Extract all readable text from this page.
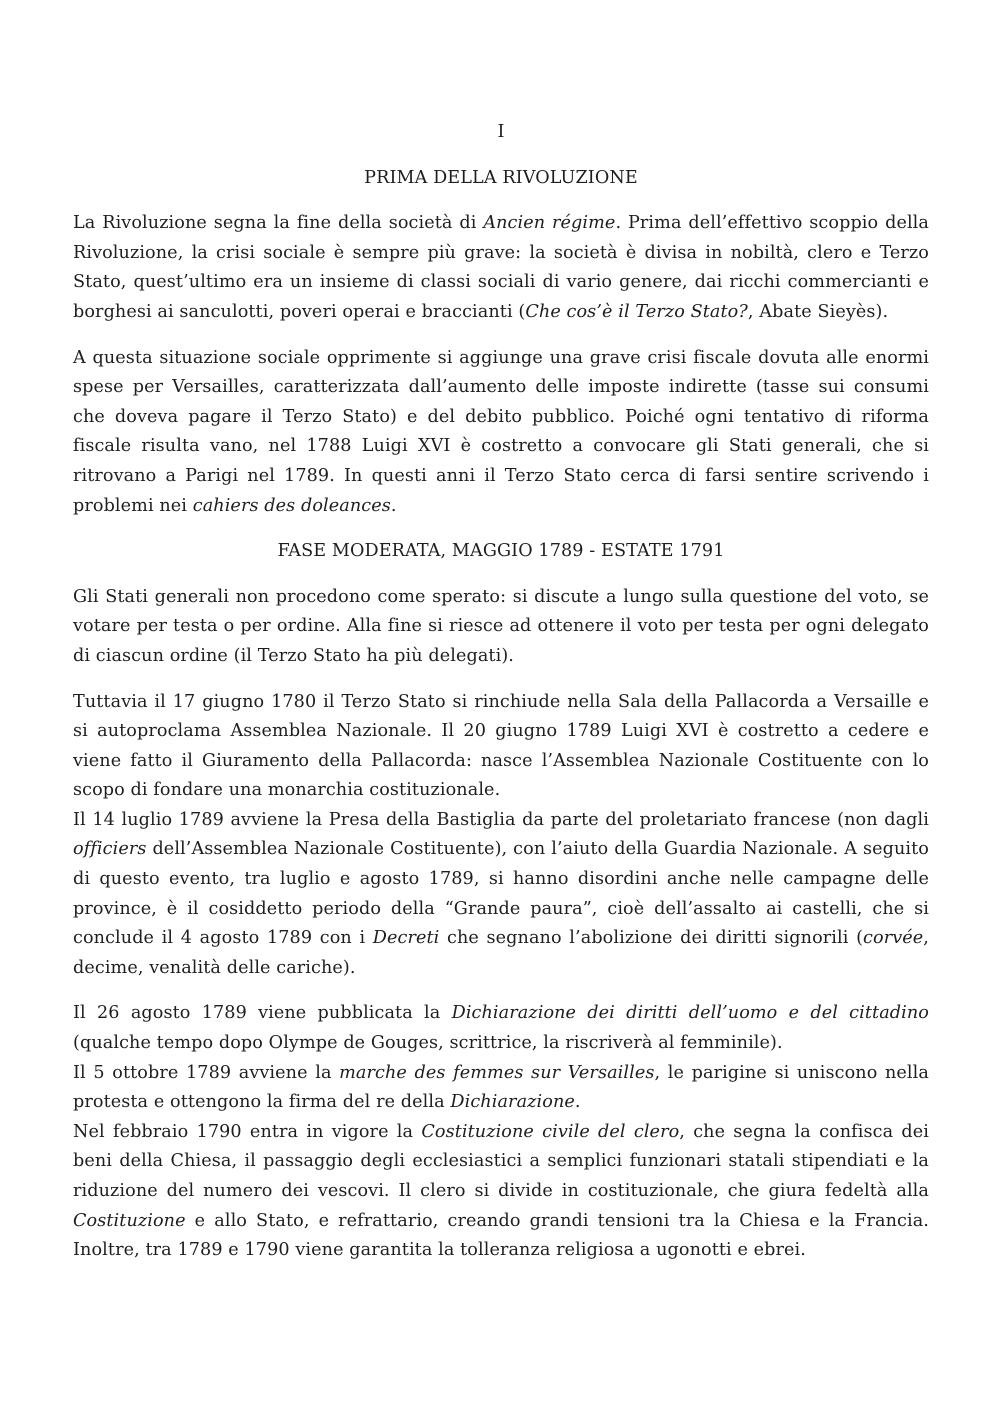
I
PRIMA DELLA RIVOLUZIONE

La Rivoluzione segna la fine della società di Ancien régime. Prima dell’effettivo scoppio della Rivoluzione, la crisi sociale è sempre più grave: la società è divisa in nobiltà, clero e Terzo Stato, quest’ultimo era un insieme di classi sociali di vario genere, dai ricchi commercianti e borghesi ai sanculotti, poveri operai e braccianti (Che cos’è il Terzo Stato?, Abate Sieyès).

A questa situazione sociale opprimente si aggiunge una grave crisi fiscale dovuta alle enormi spese per Versailles, caratterizzata dall’aumento delle imposte indirette (tasse sui consumi che doveva pagare il Terzo Stato) e del debito pubblico. Poiché ogni tentativo di riforma fiscale risulta vano, nel 1788 Luigi XVI è costretto a convocare gli Stati generali, che si ritrovano a Parigi nel 1789. In questi anni il Terzo Stato cerca di farsi sentire scrivendo i problemi nei cahiers des doleances.

FASE MODERATA, MAGGIO 1789 - ESTATE 1791

Gli Stati generali non procedono come sperato: si discute a lungo sulla questione del voto, se votare per testa o per ordine. Alla fine si riesce ad ottenere il voto per testa per ogni delegato di ciascun ordine (il Terzo Stato ha più delegati).

Tuttavia il 17 giugno 1780 il Terzo Stato si rinchiude nella Sala della Pallacorda a Versaille e si autoproclama Assemblea Nazionale. Il 20 giugno 1789 Luigi XVI è costretto a cedere e viene fatto il Giuramento della Pallacorda: nasce l’Assemblea Nazionale Costituente con lo scopo di fondare una monarchia costituzionale.

Il 14 luglio 1789 avviene la Presa della Bastiglia da parte del proletariato francese (non dagli officiers dell’Assemblea Nazionale Costituente), con l’aiuto della Guardia Nazionale. A seguito di questo evento, tra luglio e agosto 1789, si hanno disordini anche nelle campagne delle province, è il cosiddetto periodo della “Grande paura”, cioè dell’assalto ai castelli, che si conclude il 4 agosto 1789 con i Decreti che segnano l’abolizione dei diritti signorili (corvée, decime, venalità delle cariche).

Il 26 agosto 1789 viene pubblicata la Dichiarazione dei diritti dell’uomo e del cittadino (qualche tempo dopo Olympe de Gouges, scrittrice, la riscriverà al femminile).

Il 5 ottobre 1789 avviene la marche des femmes sur Versailles, le parigine si uniscono nella protesta e ottengono la firma del re della Dichiarazione.

Nel febbraio 1790 entra in vigore la Costituzione civile del clero, che segna la confisca dei beni della Chiesa, il passaggio degli ecclesiastici a semplici funzionari statali stipendiati e la riduzione del numero dei vescovi. Il clero si divide in costituzionale, che giura fedeltà alla Costituzione e allo Stato, e refrattario, creando grandi tensioni tra la Chiesa e la Francia. Inoltre, tra 1789 e 1790 viene garantita la tolleranza religiosa a ugonotti e ebrei.
